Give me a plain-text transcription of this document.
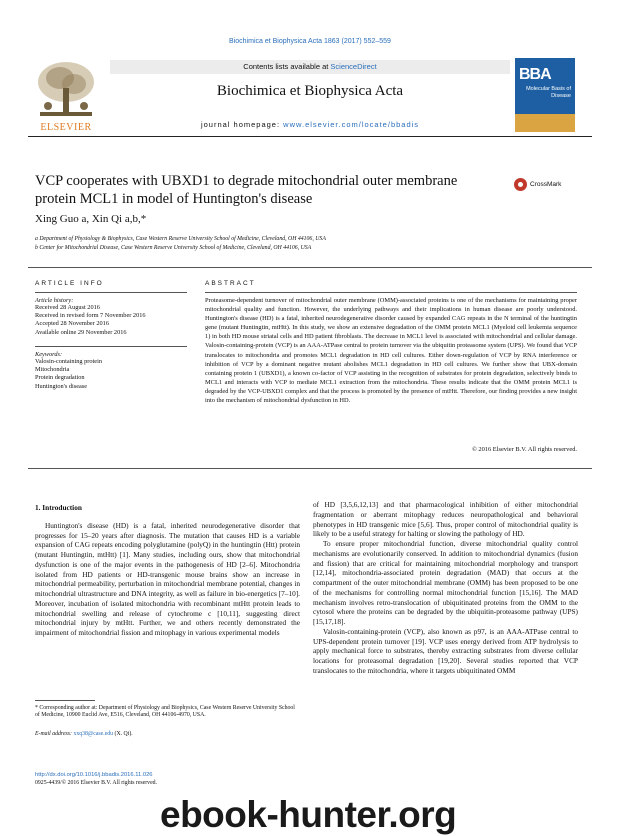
Biochimica et Biophysica Acta 1863 (2017) 552–559
ELSEVIER
Contents lists available at ScienceDirect
Biochimica et Biophysica Acta
journal homepage: www.elsevier.com/locate/bbadis
BBA
Molecular Basis of Disease
VCP cooperates with UBXD1 to degrade mitochondrial outer membrane protein MCL1 in model of Huntington's disease
CrossMark
Xing Guo a, Xin Qi a,b,*
a Department of Physiology & Biophysics, Case Western Reserve University School of Medicine, Cleveland, OH 44106, USA
b Center for Mitochondrial Disease, Case Western Reserve University School of Medicine, Cleveland, OH 44106, USA
ARTICLE INFO
Article history:
Received 28 August 2016
Received in revised form 7 November 2016
Accepted 28 November 2016
Available online 29 November 2016
Keywords:
Valosin-containing protein
Mitochondria
Protein degradation
Huntington's disease
ABSTRACT
Proteasome-dependent turnover of mitochondrial outer membrane (OMM)-associated proteins is one of the mechanisms for maintaining proper mitochondrial quality and function. However, the underlying pathways and their implications in human disease are poorly understood. Huntington's disease (HD) is a fatal, inherited neurodegenerative disorder caused by expanded CAG repeats in the N terminal of the huntingtin gene (mutant Huntingtin, mtHtt). In this study, we show an extensive degradation of the OMM protein MCL1 (Myeloid cell leukemia sequence 1) in both HD mouse striatal cells and HD patient fibroblasts. The decrease in MCL1 level is associated with mitochondrial and cellular damage. Valosin-containing-protein (VCP) is an AAA-ATPase central to protein turnover via the ubiquitin proteasome system (UPS). We found that VCP translocates to mitochondria and promotes MCL1 degradation in HD cell cultures. Either down-regulation of VCP by RNA interference or inhibition of VCP by a dominant negative mutant abolishes MCL1 degradation in HD cell cultures. We further show that UBX-domain containing protein 1 (UBXD1), a known co-factor of VCP assisting in the recognition of substrates for protein degradation, selectively binds to MCL1 and interacts with VCP to mediate MCL1 extraction from the mitochondria. These results indicate that the OMM protein MCL1 is degraded by the VCP-UBXD1 complex and that the process is promoted by the presence of mtHtt. Therefore, our finding provides a new insight into the mechanism of mitochondrial dysfunction in HD.
© 2016 Elsevier B.V. All rights reserved.

1. Introduction

Huntington's disease (HD) is a fatal, inherited neurodegenerative disorder that progresses for 15–20 years after diagnosis. The mutation that causes HD is a variable expansion of CAG repeats encoding polyglutamine (polyQ) in the huntingtin (Htt) protein (mutant Huntingtin, mtHtt) [1]. Many studies, including ours, show that mitochondrial dysfunction is one of the major events in the pathogenesis of HD [2–6]. Mitochondria isolated from HD patients or HD-transgenic mouse brains show an increase in mitochondrial permeability, perturbation in mitochondrial membrane potential, changes in mitochondrial ultrastructure and DNA integrity, as well as failure in bio-energetics [7–10]. Moreover, incubation of isolated mitochondria with recombinant mtHtt protein leads to mitochondrial swelling and release of cytochrome c [10,11], suggesting direct mitochondrial injury by mtHtt. Further, we and others recently demonstrated the impairment of mitochondrial fission and mitophagy in various experimental models

of HD [3,5,6,12,13] and that pharmacological inhibition of either mitochondrial fragmentation or aberrant mitophagy reduces neuropathological and behavioral phenotypes in HD transgenic mice [5,6]. Thus, proper control of mitochondrial quality is likely to be a useful strategy for halting or slowing the pathology of HD.

To ensure proper mitochondrial function, diverse mitochondrial quality control mechanisms are evolutionarily conserved. In addition to mitochondrial dynamics (fusion and fission) that are critical for maintaining mitochondrial morphology and transport [12,14], mitochondria-associated protein degradation (MAD) that occurs at the compartment of the outer mitochondrial membrane (OMM) has been proposed to be one of the mechanisms for controlling normal mitochondrial function [15,16]. The MAD mechanism involves retro-translocation of ubiquitinated proteins from the OMM to the cytosol where the proteins can be degraded by the ubiquitin-proteasome pathway (UPS) [15,17,18].

Valosin-containing-protein (VCP), also known as p97, is an AAA-ATPase central to UPS-dependent protein turnover [19]. VCP uses energy derived from ATP hydrolysis to apply mechanical force to substrates, thereby extracting substrates from diverse cellular locations for proteasomal degradation [19,20]. Several studies reported that VCP translocates to the mitochondria, where it targets ubiquitinated OMM

* Corresponding author at: Department of Physiology and Biophysics, Case Western Reserve University School of Medicine, 10900 Euclid Ave, E516, Cleveland, OH 44106-4970, USA.
E-mail address: xxq38@case.edu (X. Qi).
http://dx.doi.org/10.1016/j.bbadis.2016.11.026
0925-4439/© 2016 Elsevier B.V. All rights reserved.
ebook-hunter.org
